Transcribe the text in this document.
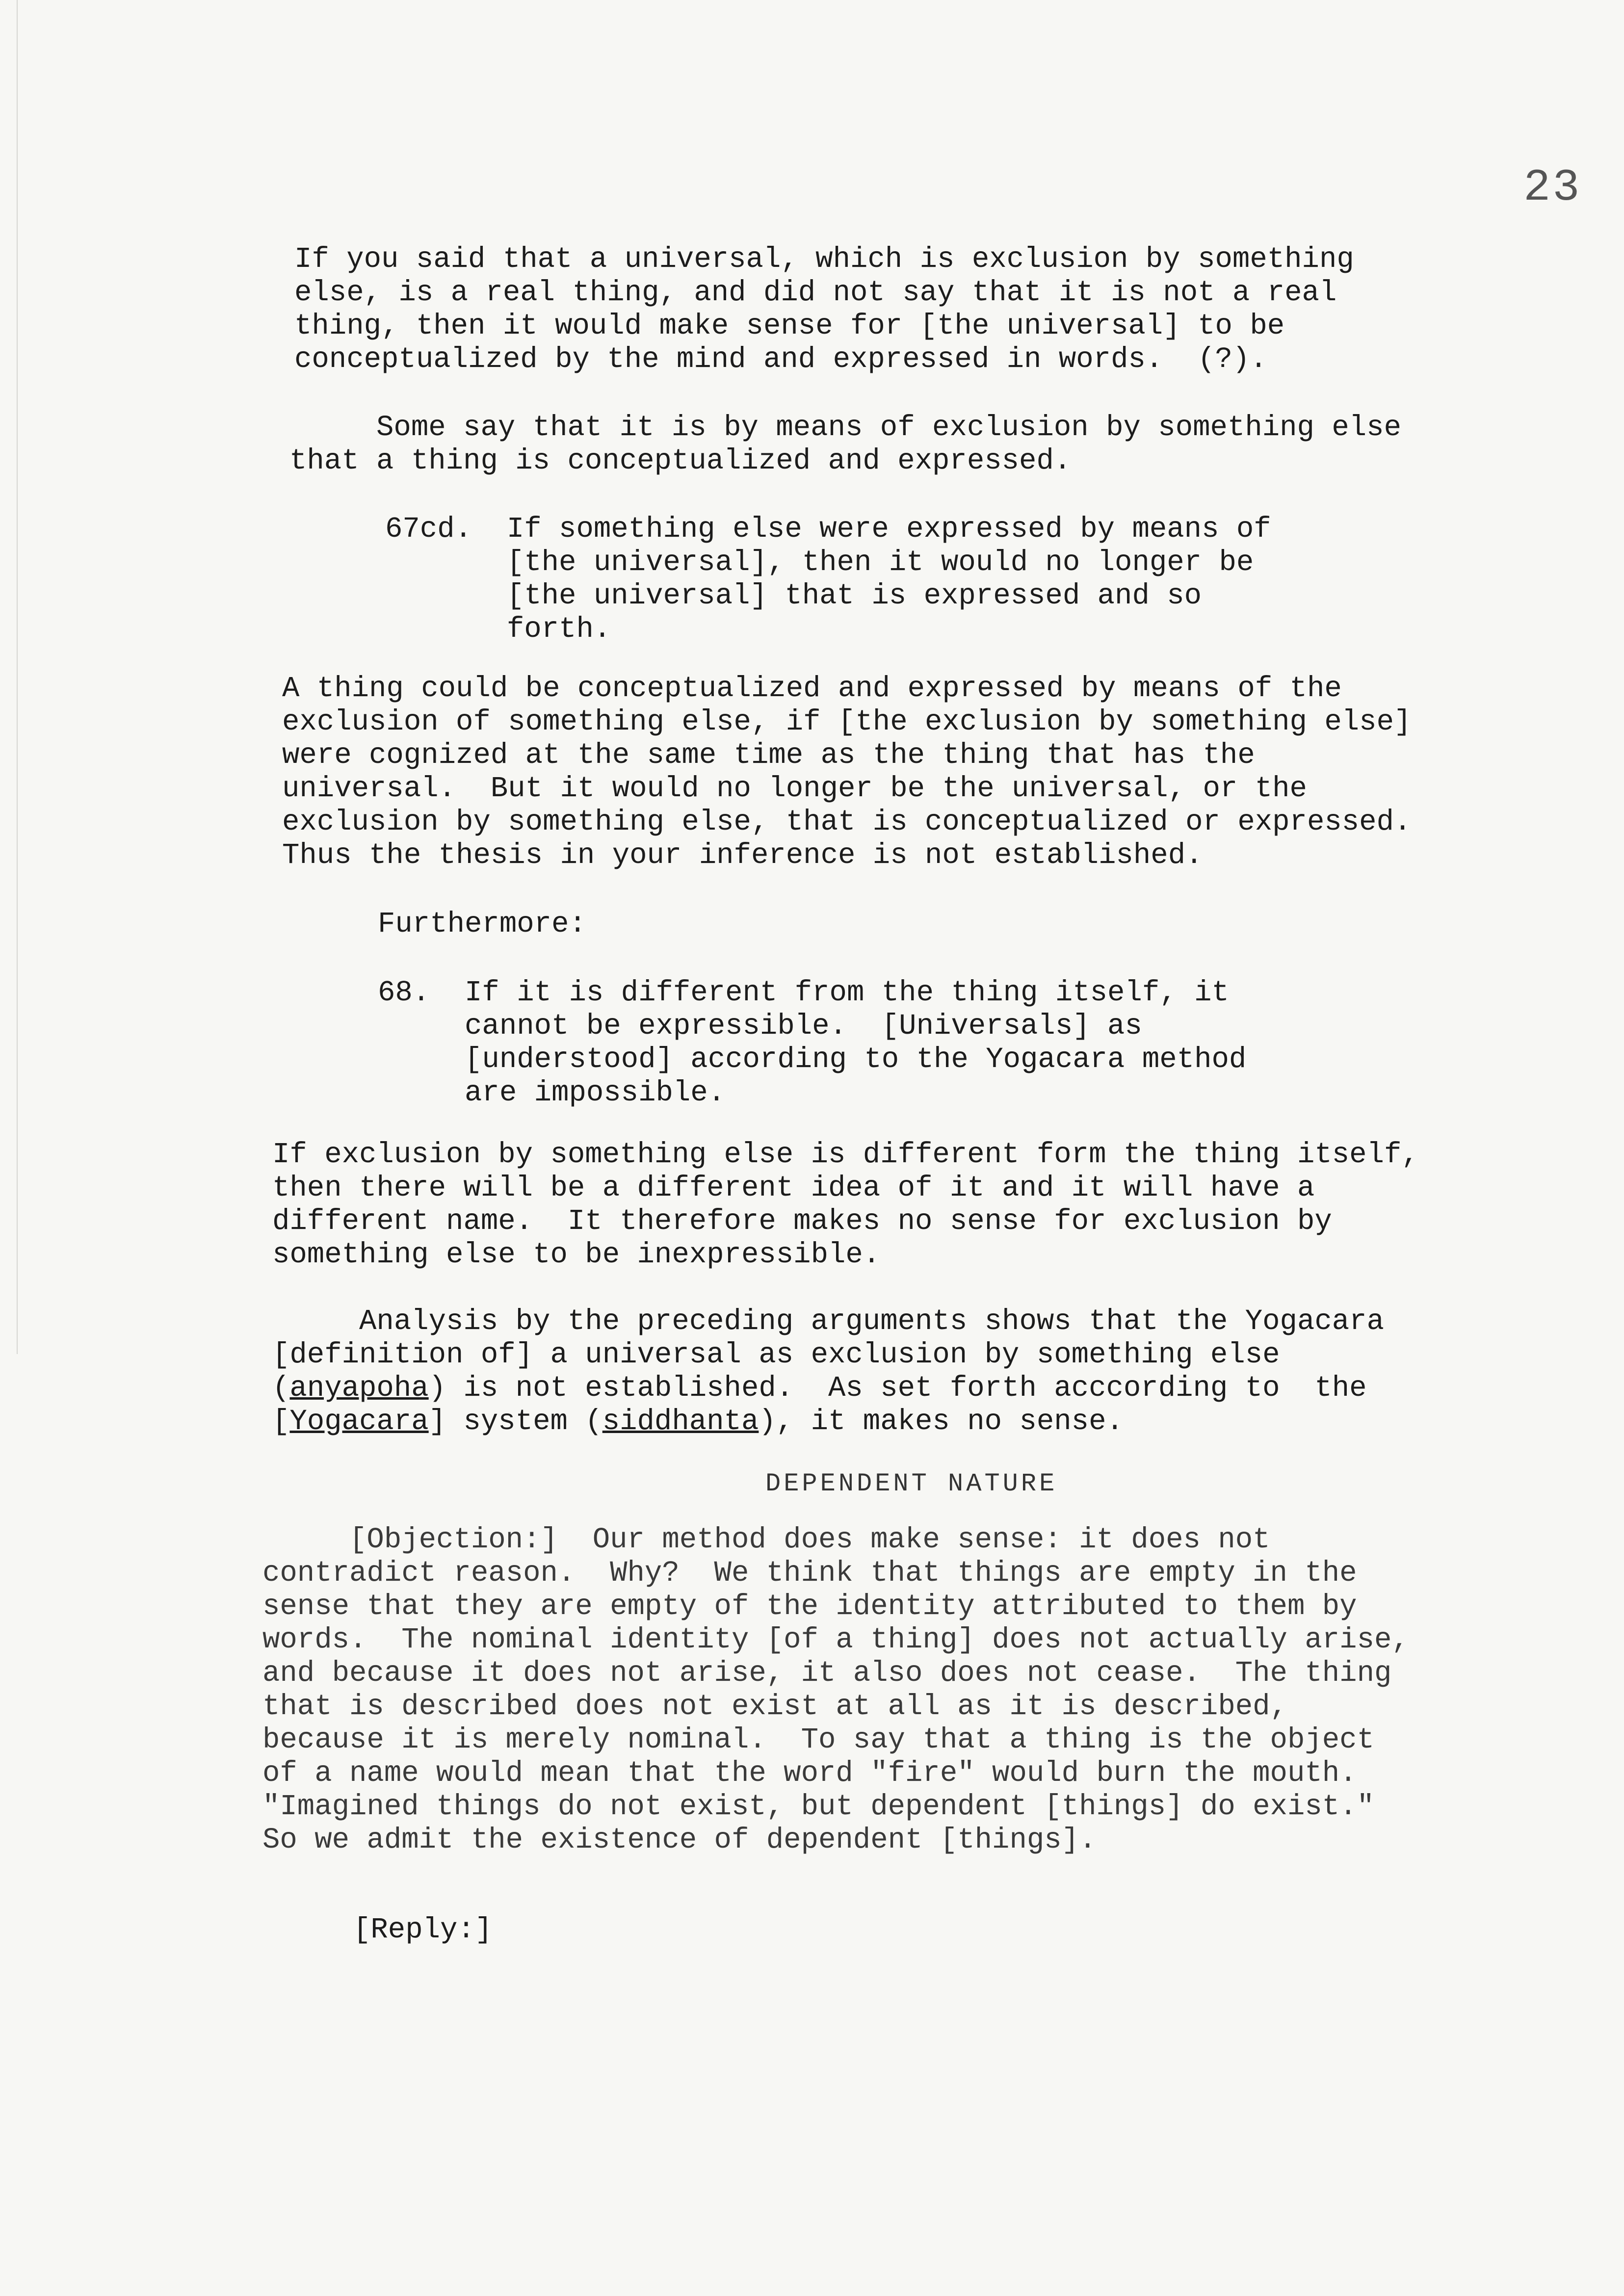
23

If you said that a universal, which is exclusion by something
else, is a real thing, and did not say that it is not a real
thing, then it would make sense for [the universal] to be
conceptualized by the mind and expressed in words.  (?).

Some say that it is by means of exclusion by something else
that a thing is conceptualized and expressed.

67cd.  If something else were expressed by means of
[the universal], then it would no longer be
[the universal] that is expressed and so
forth.

A thing could be conceptualized and expressed by means of the
exclusion of something else, if [the exclusion by something else]
were cognized at the same time as the thing that has the
universal.  But it would no longer be the universal, or the
exclusion by something else, that is conceptualized or expressed.
Thus the thesis in your inference is not established.

Furthermore:

68.  If it is different from the thing itself, it
cannot be expressible.  [Universals] as
[understood] according to the Yogacara method
are impossible.

If exclusion by something else is different form the thing itself,
then there will be a different idea of it and it will have a
different name.  It therefore makes no sense for exclusion by
something else to be inexpressible.

Analysis by the preceding arguments shows that the Yogacara
[definition of] a universal as exclusion by something else
(anyapoha) is not established.  As set forth acccording to  the
[Yogacara] system (siddhanta), it makes no sense.

DEPENDENT NATURE

[Objection:]  Our method does make sense: it does not
contradict reason.  Why?  We think that things are empty in the
sense that they are empty of the identity attributed to them by
words.  The nominal identity [of a thing] does not actually arise,
and because it does not arise, it also does not cease.  The thing
that is described does not exist at all as it is described,
because it is merely nominal.  To say that a thing is the object
of a name would mean that the word "fire" would burn the mouth.
"Imagined things do not exist, but dependent [things] do exist."
So we admit the existence of dependent [things].

[Reply:]
